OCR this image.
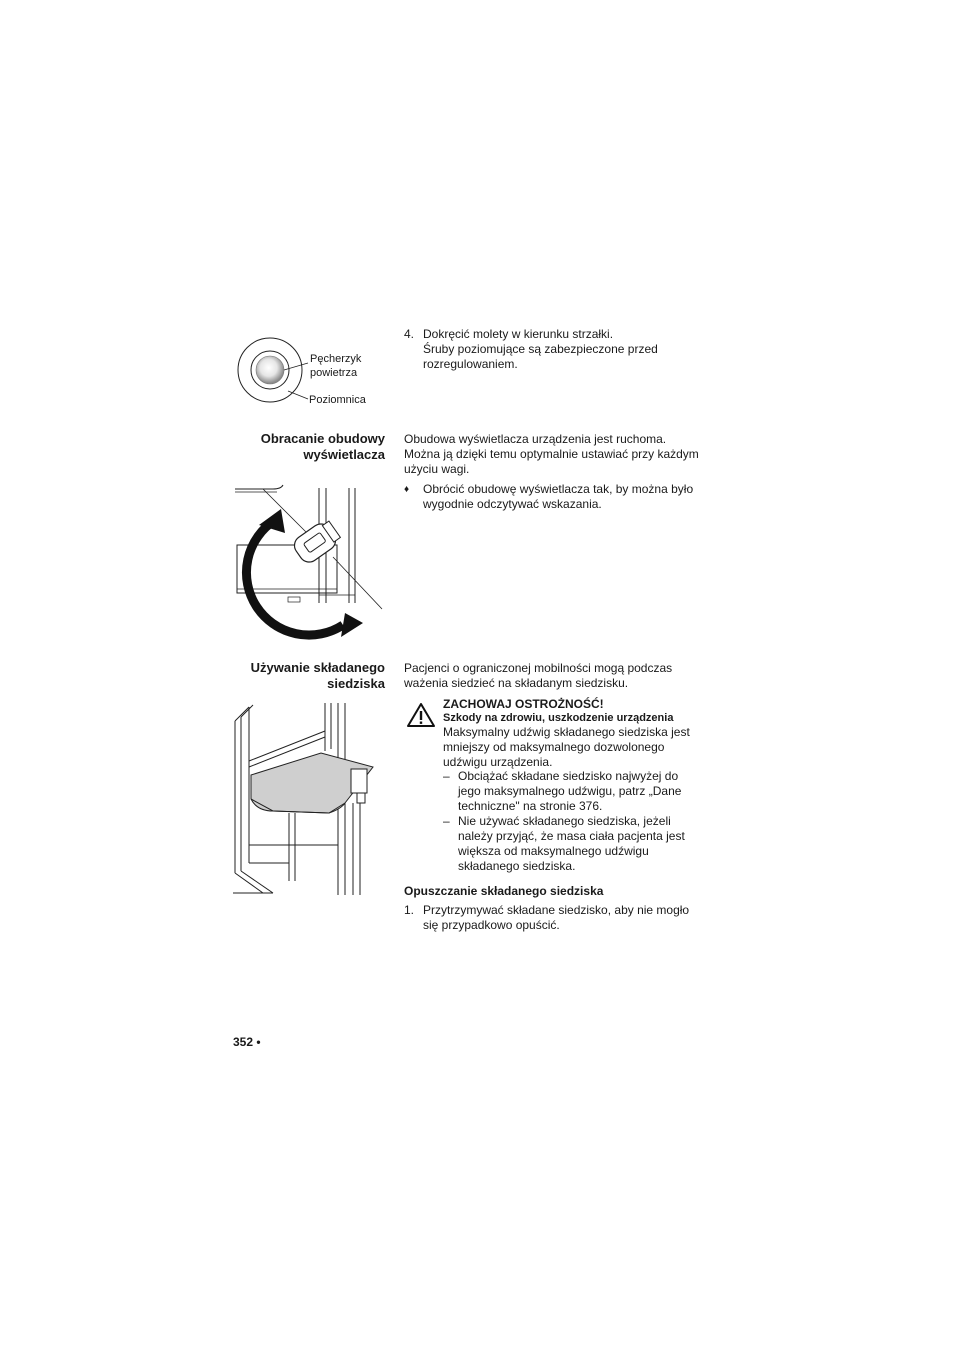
Pęcherzyk
powietrza
Poziomnica
4. Dokręcić molety w kierunku strzałki.
Śruby poziomujące są zabezpieczone przed
rozregulowaniem.
Obracanie obudowy
wyświetlacza
Obudowa wyświetlacza urządzenia jest ruchoma.
Można ją dzięki temu optymalnie ustawiać przy każdym
użyciu wagi.
♦ Obrócić obudowę wyświetlacza tak, by można było
wygodnie odczytywać wskazania.
Używanie składanego
siedziska
Pacjenci o ograniczonej mobilności mogą podczas
ważenia siedzieć na składanym siedzisku.
ZACHOWAJ OSTROŻNOŚĆ!
Szkody na zdrowiu, uszkodzenie urządzenia
Maksymalny udźwig składanego siedziska jest
mniejszy od maksymalnego dozwolonego
udźwigu urządzenia.
– Obciążać składane siedzisko najwyżej do
jego maksymalnego udźwigu, patrz „Dane
techniczne" na stronie 376.
– Nie używać składanego siedziska, jeżeli
należy przyjąć, że masa ciała pacjenta jest
większa od maksymalnego udźwigu
składanego siedziska.
Opuszczanie składanego siedziska
1. Przytrzymywać składane siedzisko, aby nie mogło
się przypadkowo opuścić.
352 •
